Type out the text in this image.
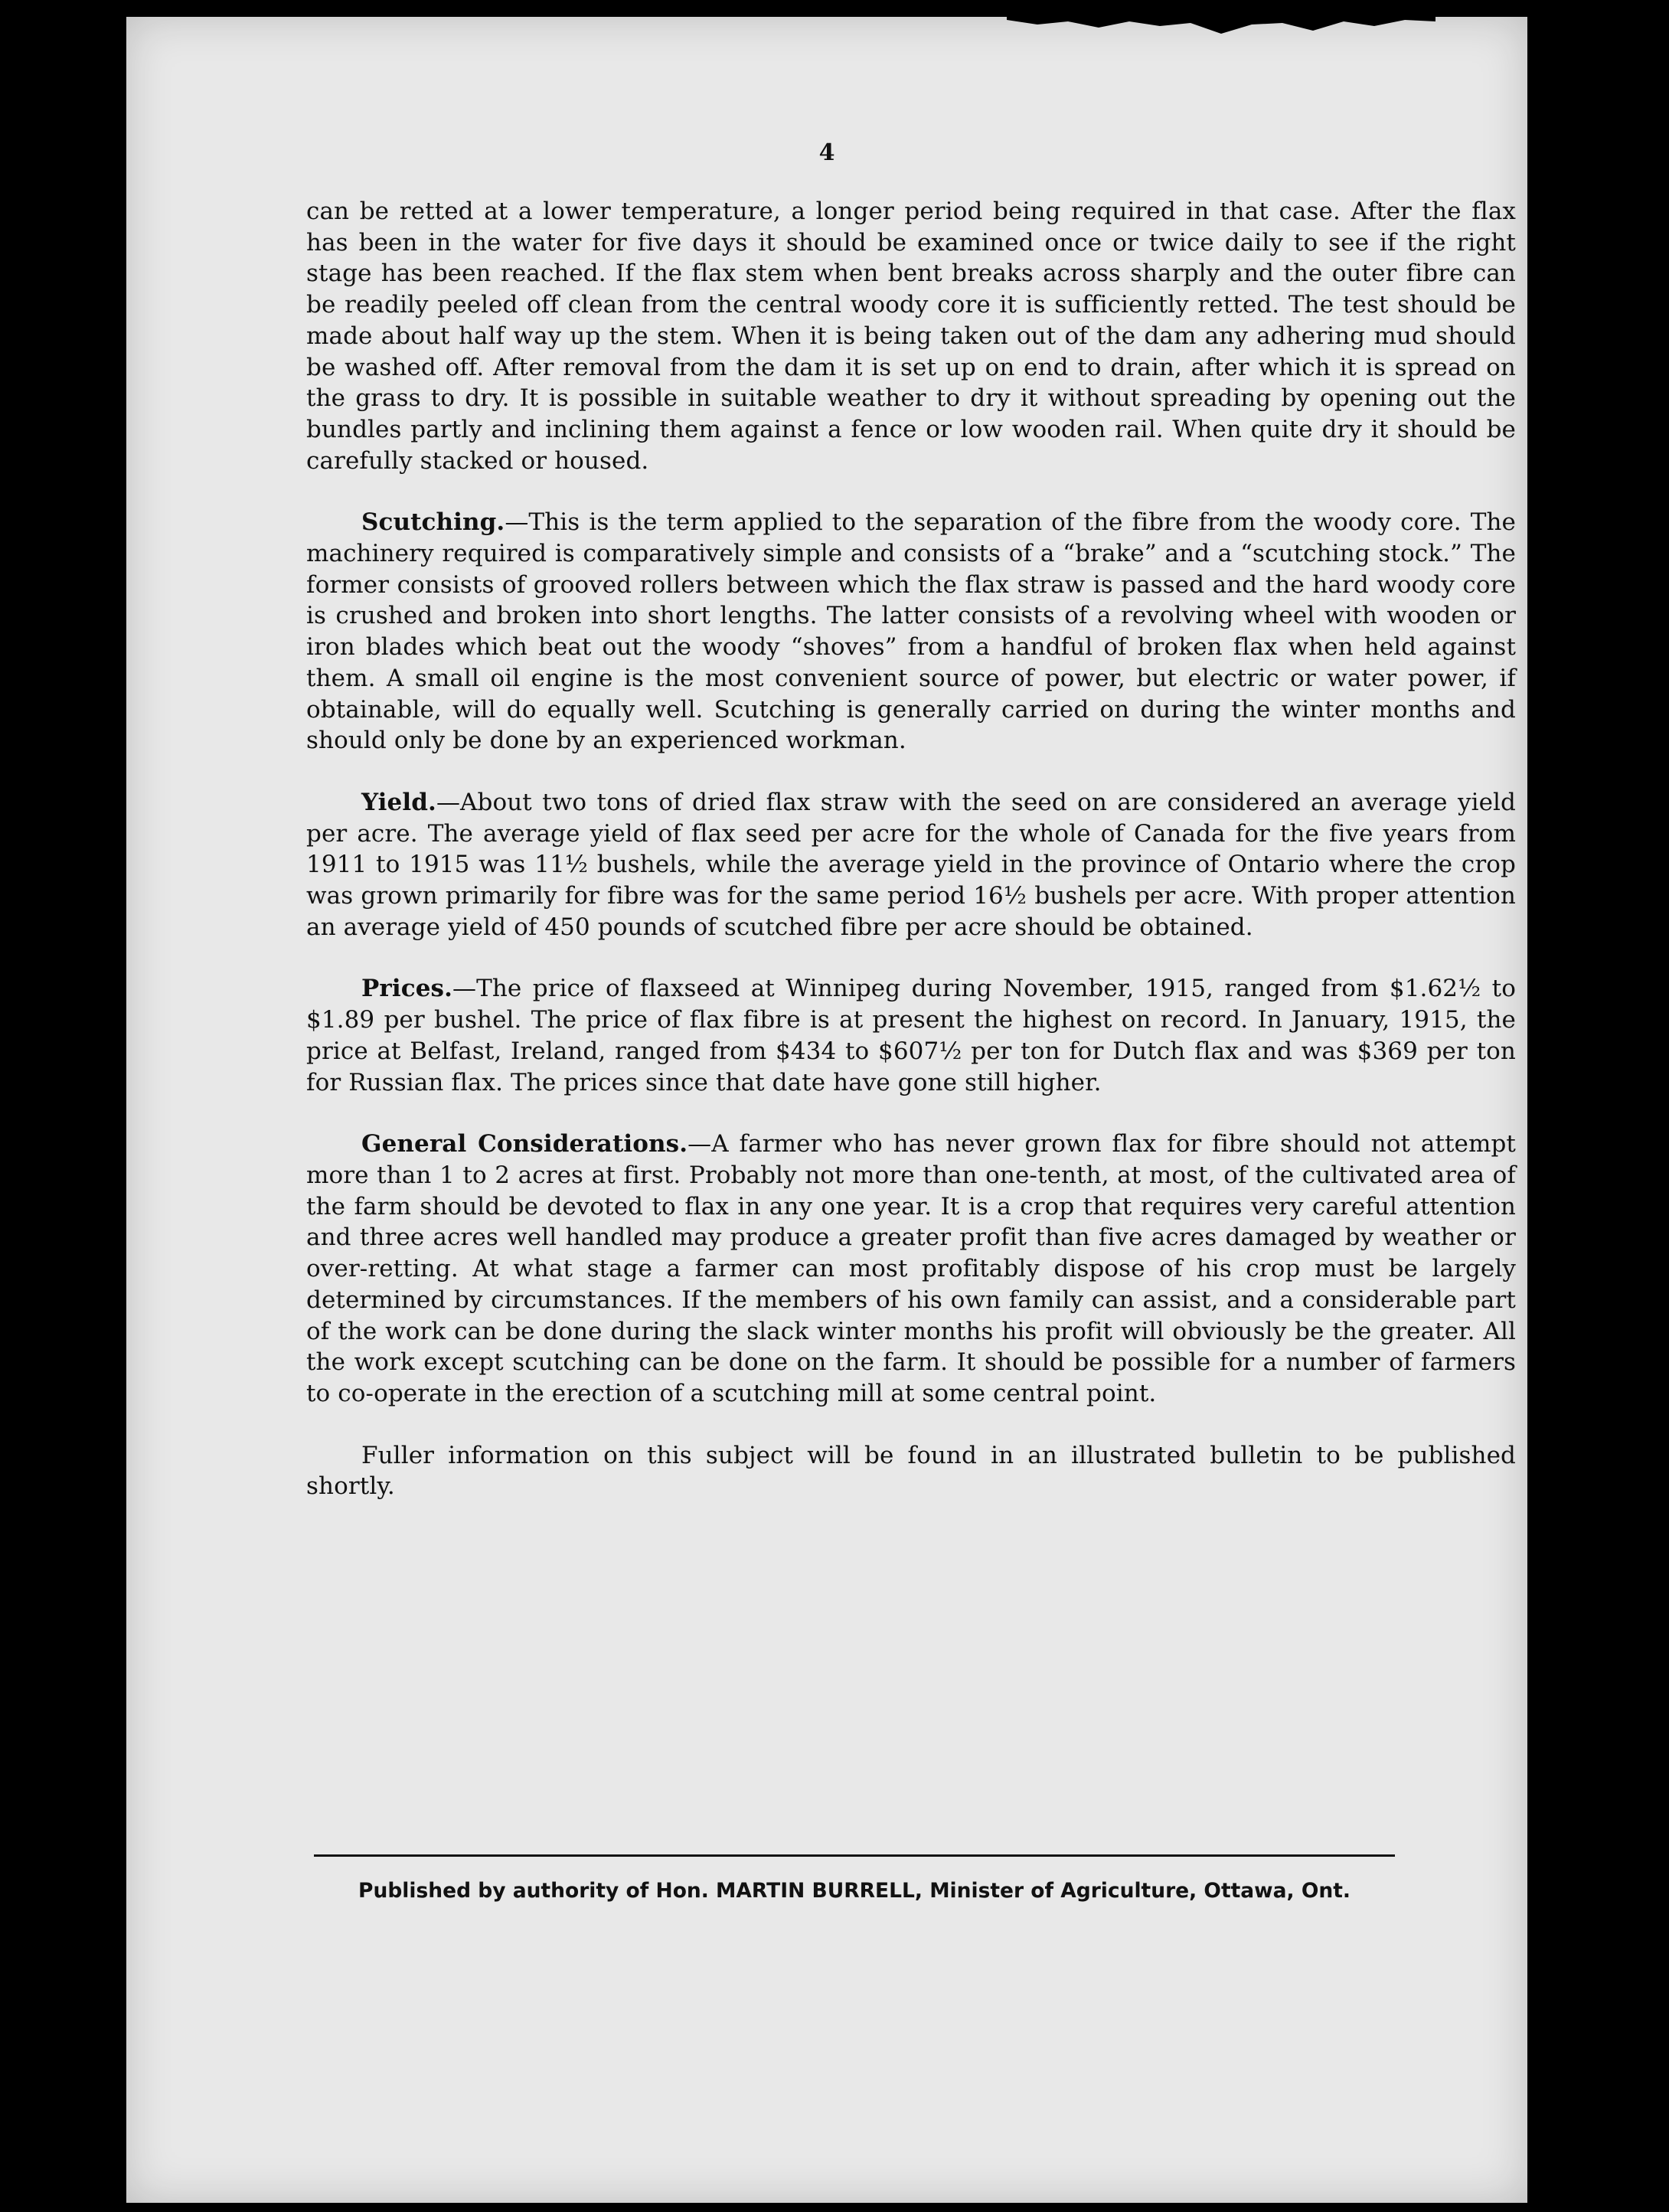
4

can be retted at a lower temperature, a longer period being required in that case. After the flax has been in the water for five days it should be examined once or twice daily to see if the right stage has been reached. If the flax stem when bent breaks across sharply and the outer fibre can be readily peeled off clean from the central woody core it is sufficiently retted. The test should be made about half way up the stem. When it is being taken out of the dam any adhering mud should be washed off. After removal from the dam it is set up on end to drain, after which it is spread on the grass to dry. It is possible in suitable weather to dry it without spreading by opening out the bundles partly and inclining them against a fence or low wooden rail. When quite dry it should be carefully stacked or housed.

Scutching.—This is the term applied to the separation of the fibre from the woody core. The machinery required is comparatively simple and consists of a “brake” and a “scutching stock.” The former consists of grooved rollers between which the flax straw is passed and the hard woody core is crushed and broken into short lengths. The latter consists of a revolving wheel with wooden or iron blades which beat out the woody “shoves” from a handful of broken flax when held against them. A small oil engine is the most convenient source of power, but electric or water power, if obtainable, will do equally well. Scutching is generally carried on during the winter months and should only be done by an experienced workman.

Yield.—About two tons of dried flax straw with the seed on are considered an average yield per acre. The average yield of flax seed per acre for the whole of Canada for the five years from 1911 to 1915 was 11½ bushels, while the average yield in the province of Ontario where the crop was grown primarily for fibre was for the same period 16½ bushels per acre. With proper attention an average yield of 450 pounds of scutched fibre per acre should be obtained.

Prices.—The price of flaxseed at Winnipeg during November, 1915, ranged from $1.62½ to $1.89 per bushel. The price of flax fibre is at present the highest on record. In January, 1915, the price at Belfast, Ireland, ranged from $434 to $607½ per ton for Dutch flax and was $369 per ton for Russian flax. The prices since that date have gone still higher.

General Considerations.—A farmer who has never grown flax for fibre should not attempt more than 1 to 2 acres at first. Probably not more than one-tenth, at most, of the cultivated area of the farm should be devoted to flax in any one year. It is a crop that requires very careful attention and three acres well handled may produce a greater profit than five acres damaged by weather or over-retting. At what stage a farmer can most profitably dispose of his crop must be largely determined by circumstances. If the members of his own family can assist, and a considerable part of the work can be done during the slack winter months his profit will obviously be the greater. All the work except scutching can be done on the farm. It should be possible for a number of farmers to co-operate in the erection of a scutching mill at some central point.

Fuller information on this subject will be found in an illustrated bulletin to be published shortly.

Published by authority of Hon. MARTIN BURRELL, Minister of Agriculture, Ottawa, Ont.
